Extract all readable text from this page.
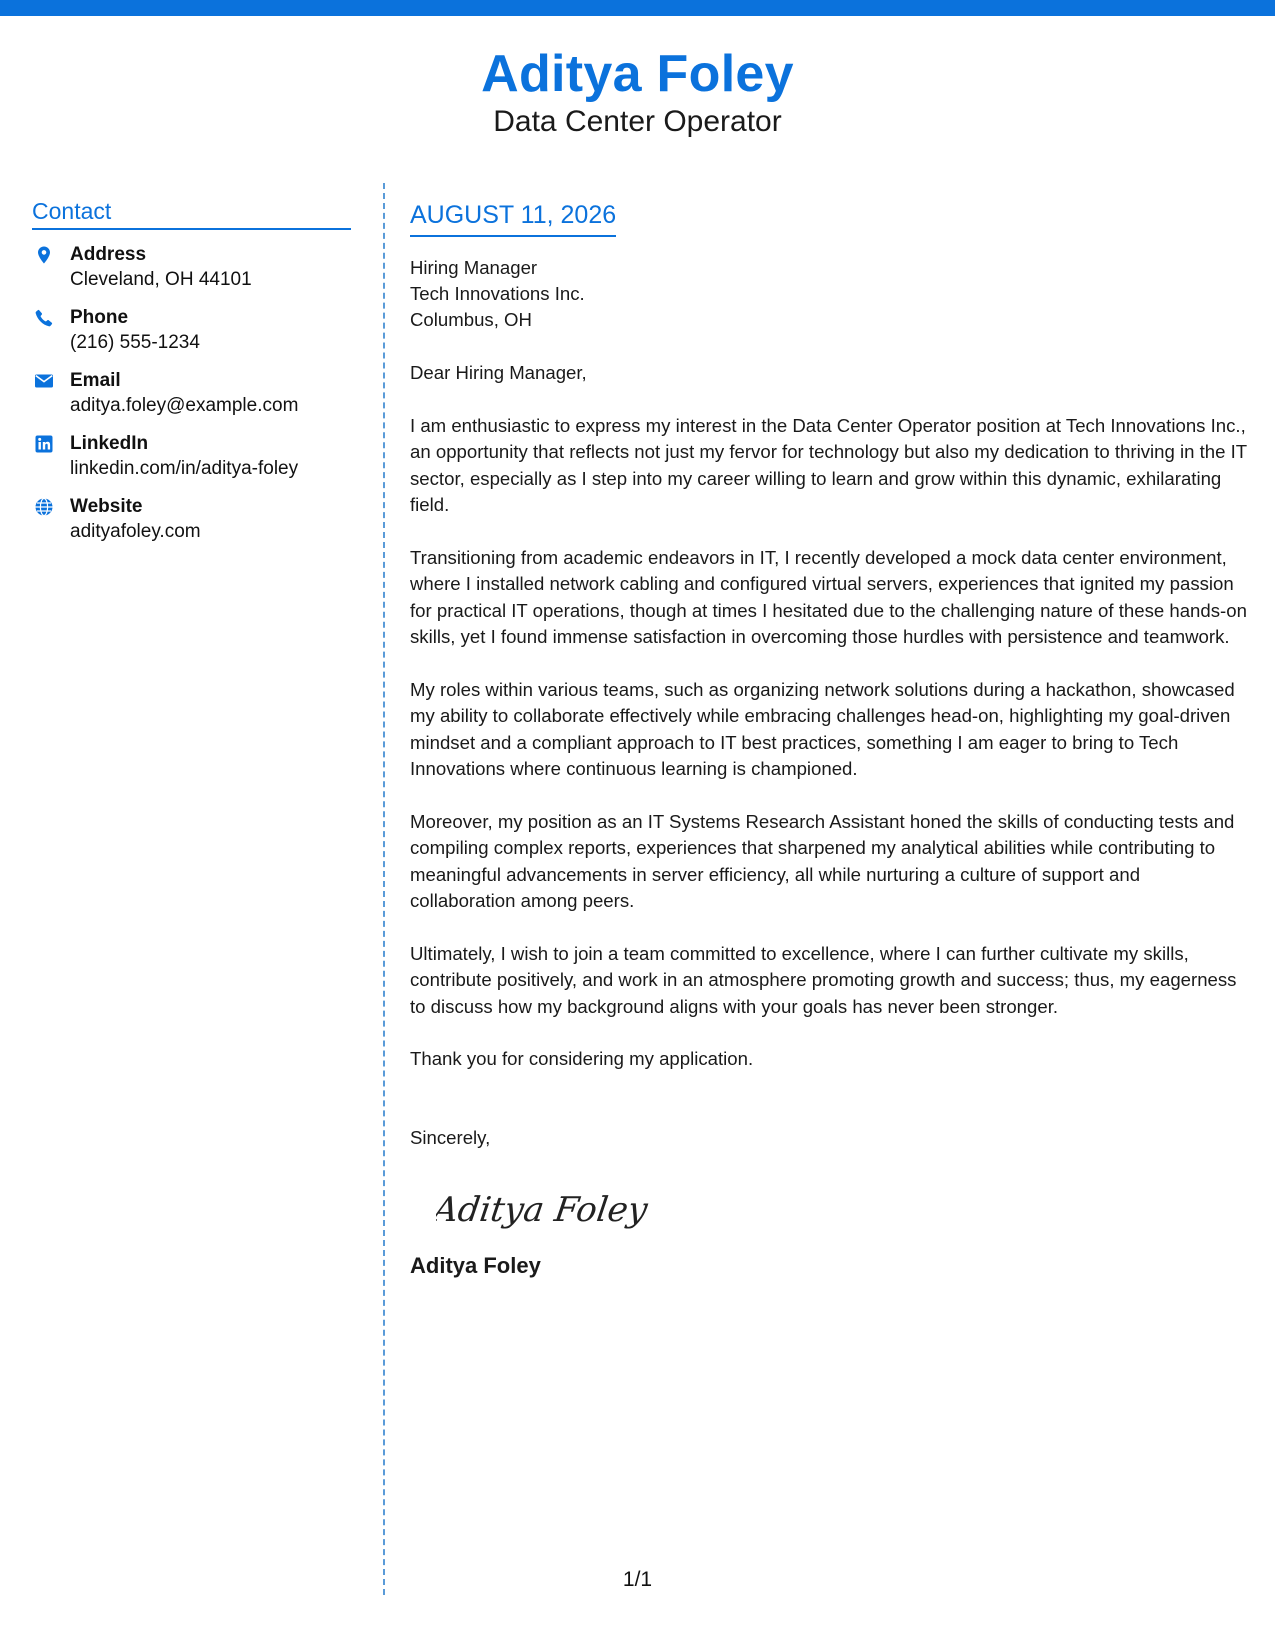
Aditya Foley
Data Center Operator
Contact
Address
Cleveland, OH 44101
Phone
(216) 555-1234
Email
aditya.foley@example.com
LinkedIn
linkedin.com/in/aditya-foley
Website
adityafoley.com
AUGUST 11, 2026
Hiring Manager
Tech Innovations Inc.
Columbus, OH
Dear Hiring Manager,
I am enthusiastic to express my interest in the Data Center Operator position at Tech Innovations Inc., an opportunity that reflects not just my fervor for technology but also my dedication to thriving in the IT sector, especially as I step into my career willing to learn and grow within this dynamic, exhilarating field.
Transitioning from academic endeavors in IT, I recently developed a mock data center environment, where I installed network cabling and configured virtual servers, experiences that ignited my passion for practical IT operations, though at times I hesitated due to the challenging nature of these hands-on skills, yet I found immense satisfaction in overcoming those hurdles with persistence and teamwork.
My roles within various teams, such as organizing network solutions during a hackathon, showcased my ability to collaborate effectively while embracing challenges head-on, highlighting my goal-driven mindset and a compliant approach to IT best practices, something I am eager to bring to Tech Innovations where continuous learning is championed.
Moreover, my position as an IT Systems Research Assistant honed the skills of conducting tests and compiling complex reports, experiences that sharpened my analytical abilities while contributing to meaningful advancements in server efficiency, all while nurturing a culture of support and collaboration among peers.
Ultimately, I wish to join a team committed to excellence, where I can further cultivate my skills, contribute positively, and work in an atmosphere promoting growth and success; thus, my eagerness to discuss how my background aligns with your goals has never been stronger.
Thank you for considering my application.
Sincerely,
Aditya Foley
Aditya Foley
1/1
